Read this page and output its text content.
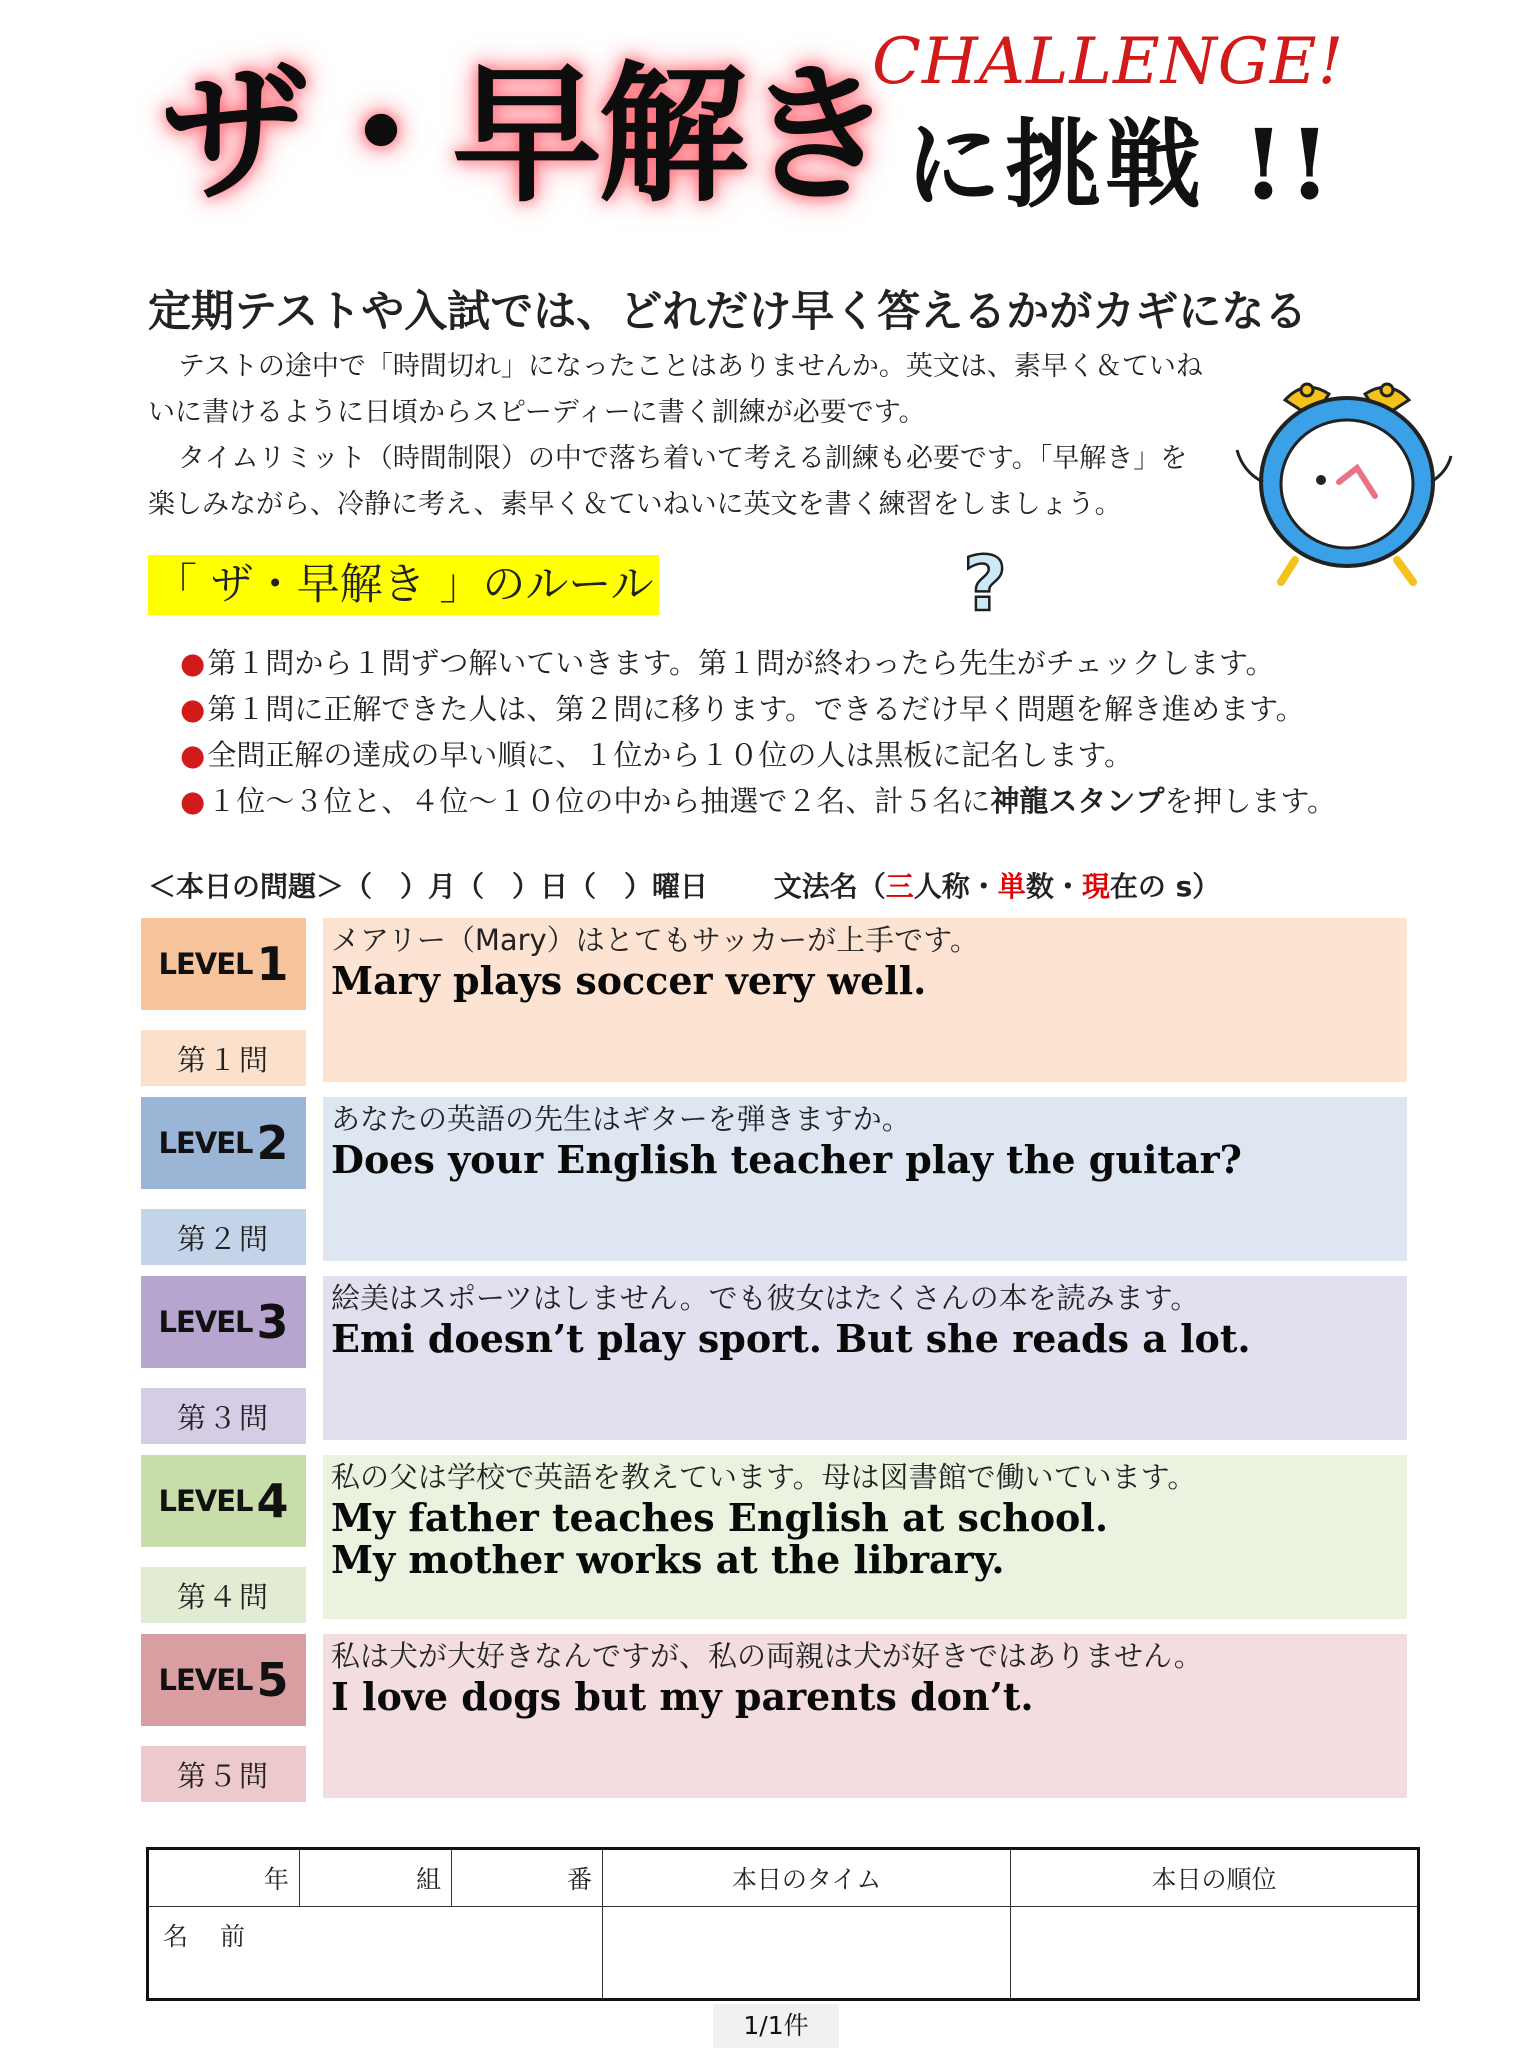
ザ・早解き
CHALLENGE!
に挑戦 !!
定期テストや入試では、どれだけ早く答えるかがカギになる

テストの途中で「時間切れ」になったことはありませんか。英文は、素早く＆ていねいに書けるように日頃からスピーディーに書く訓練が必要です。

タイムリミット（時間制限）の中で落ち着いて考える訓練も必要です。「早解き」を楽しみながら、冷静に考え、素早く＆ていねいに英文を書く練習をしましょう。

「 ザ・早解き 」のルール	?
●第１問から１問ずつ解いていきます。第１問が終わったら先生がチェックします。
●第１問に正解できた人は、第２問に移ります。できるだけ早く問題を解き進めます。
●全問正解の達成の早い順に、１位から１０位の人は黒板に記名します。
●１位～３位と、４位～１０位の中から抽選で２名、計５名に神龍スタンプを押します。
＜本日の問題＞（　）月（　）日（　）曜日　　 文法名（三人称・単数・現在の s）
LEVEL 1
第１問
メアリー（Mary）はとてもサッカーが上手です。
Mary plays soccer very well.
LEVEL 2
第２問
あなたの英語の先生はギターを弾きますか。
Does your English teacher play the guitar?
LEVEL 3
第３問
絵美はスポーツはしません。でも彼女はたくさんの本を読みます。
Emi doesn’t play sport. But she reads a lot.
LEVEL 4
第４問
私の父は学校で英語を教えています。母は図書館で働いています。
My father teaches English at school.
My mother works at the library.
LEVEL 5
第５問
私は犬が大好きなんですが、私の両親は犬が好きではありません。
I love dogs but my parents don’t.
年	組	番	本日のタイム	本日の順位
名 前				
1/1件
